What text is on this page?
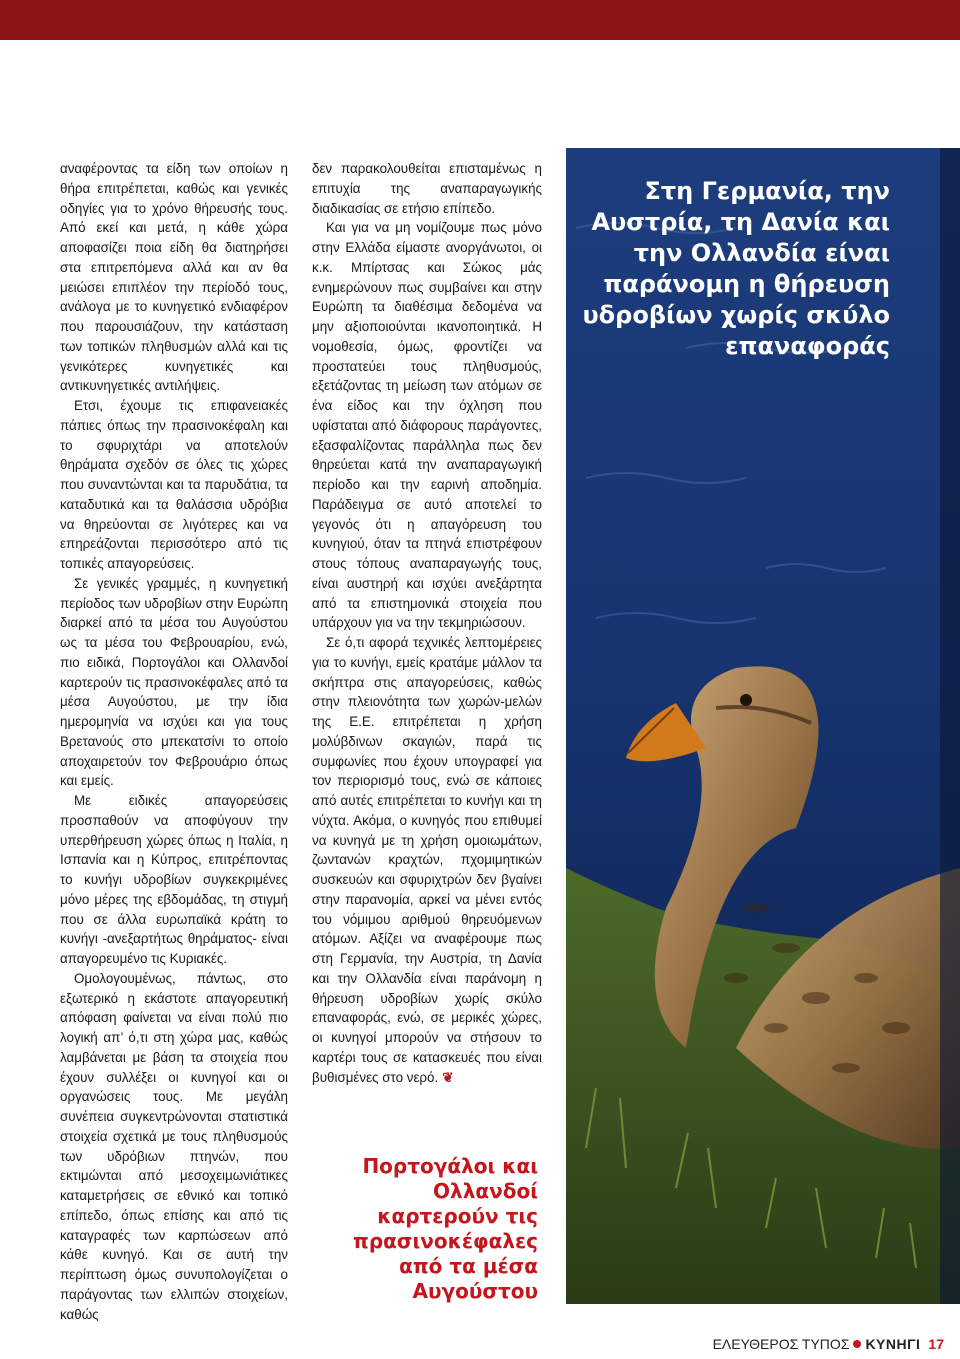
αναφέροντας τα είδη των οποίων η θήρα επιτρέπεται, καθώς και γενικές οδηγίες για το χρόνο θήρευσής τους. Από εκεί και μετά, η κάθε χώρα αποφασίζει ποια είδη θα διατηρήσει στα επιτρεπόμενα αλλά και αν θα μειώσει επιπλέον την περίοδό τους, ανάλογα με το κυνηγετικό ενδιαφέρον που παρουσιάζουν, την κατάσταση των τοπικών πληθυσμών αλλά και τις γενικότερες κυνηγετικές και αντικυνηγετικές αντιλήψεις.

Ετσι, έχουμε τις επιφανειακές πάπιες όπως την πρασινοκέφαλη και το σφυριχτάρι να αποτελούν θηράματα σχεδόν σε όλες τις χώρες που συναντώνται και τα παρυδάτια, τα καταδυτικά και τα θαλάσσια υδρόβια να θηρεύονται σε λιγότερες και να επηρεάζονται περισσότερο από τις τοπικές απαγορεύσεις.

Σε γενικές γραμμές, η κυνηγετική περίοδος των υδροβίων στην Ευρώπη διαρκεί από τα μέσα του Αυγούστου ως τα μέσα του Φεβρουαρίου, ενώ, πιο ειδικά, Πορτογάλοι και Ολλανδοί καρτερούν τις πρασινοκέφαλες από τα μέσα Αυγούστου, με την ίδια ημερομηνία να ισχύει και για τους Βρετανούς στο μπεκατσίνι το οποίο αποχαιρετούν τον Φεβρουάριο όπως και εμείς.

Με ειδικές απαγορεύσεις προσπαθούν να αποφύγουν την υπερθήρευση χώρες όπως η Ιταλία, η Ισπανία και η Κύπρος, επιτρέποντας το κυνήγι υδροβίων συγκεκριμένες μόνο μέρες της εβδομάδας, τη στιγμή που σε άλλα ευρωπαϊκά κράτη το κυνήγι -ανεξαρτήτως θηράματος- είναι απαγορευμένο τις Κυριακές.

Ομολογουμένως, πάντως, στο εξωτερικό η εκάστοτε απαγορευτική απόφαση φαίνεται να είναι πολύ πιο λογική απ’ ό,τι στη χώρα μας, καθώς λαμβάνεται με βάση τα στοιχεία που έχουν συλλέξει οι κυνηγοί και οι οργανώσεις τους. Με μεγάλη συνέπεια συγκεντρώνονται στατιστικά στοιχεία σχετικά με τους πληθυσμούς των υδρόβιων πτηνών, που εκτιμώνται από μεσοχειμωνιάτικες καταμετρήσεις σε εθνικό και τοπικό επίπεδο, όπως επίσης και από τις καταγραφές των καρπώσεων από κάθε κυνηγό. Και σε αυτή την περίπτωση όμως συνυπολογίζεται ο παράγοντας των ελλιπών στοιχείων, καθώς

δεν παρακολουθείται επισταμένως η επιτυχία της αναπαραγωγικής διαδικασίας σε ετήσιο επίπεδο.

Και για να μη νομίζουμε πως μόνο στην Ελλάδα είμαστε ανοργάνωτοι, οι κ.κ. Μπίρτσας και Σώκος μάς ενημερώνουν πως συμβαίνει και στην Ευρώπη τα διαθέσιμα δεδομένα να μην αξιοποιούνται ικανοποιητικά. Η νομοθεσία, όμως, φροντίζει να προστατεύει τους πληθυσμούς, εξετάζοντας τη μείωση των ατόμων σε ένα είδος και την όχληση που υφίσταται από διάφορους παράγοντες, εξασφαλίζοντας παράλληλα πως δεν θηρεύεται κατά την αναπαραγωγική περίοδο και την εαρινή αποδημία. Παράδειγμα σε αυτό αποτελεί το γεγονός ότι η απαγόρευση του κυνηγιού, όταν τα πτηνά επιστρέφουν στους τόπους αναπαραγωγής τους, είναι αυστηρή και ισχύει ανεξάρτητα από τα επιστημονικά στοιχεία που υπάρχουν για να την τεκμηριώσουν.

Σε ό,τι αφορά τεχνικές λεπτομέρειες για το κυνήγι, εμείς κρατάμε μάλλον τα σκήπτρα στις απαγορεύσεις, καθώς στην πλειονότητα των χωρών-μελών της Ε.Ε. επιτρέπεται η χρήση μολύβδινων σκαγιών, παρά τις συμφωνίες που έχουν υπογραφεί για τον περιορισμό τους, ενώ σε κάποιες από αυτές επιτρέπεται το κυνήγι και τη νύχτα. Ακόμα, ο κυνηγός που επιθυμεί να κυνηγά με τη χρήση ομοιωμάτων, ζωντανών κραχτών, πχομιμητικών συσκευών και σφυριχτρών δεν βγαίνει στην παρανομία, αρκεί να μένει εντός του νόμιμου αριθμού θηρευόμενων ατόμων. Αξίζει να αναφέρουμε πως στη Γερμανία, την Αυστρία, τη Δανία και την Ολλανδία είναι παράνομη η θήρευση υδροβίων χωρίς σκύλο επαναφοράς, ενώ, σε μερικές χώρες, οι κυνηγοί μπορούν να στήσουν το καρτέρι τους σε κατασκευές που είναι βυθισμένες στο νερό. ❦

Πορτογάλοι και Ολλανδοί καρτερούν τις πρασινοκέφαλες από τα μέσα Αυγούστου
Στη Γερμανία, την Αυστρία, τη Δανία και την Ολλανδία είναι παράνομη η θήρευση υδροβίων χωρίς σκύλο επαναφοράς
ΕΛΕΥΘΕΡΟΣ ΤΥΠΟΣ ΚΥΝΗΓΙ 17
